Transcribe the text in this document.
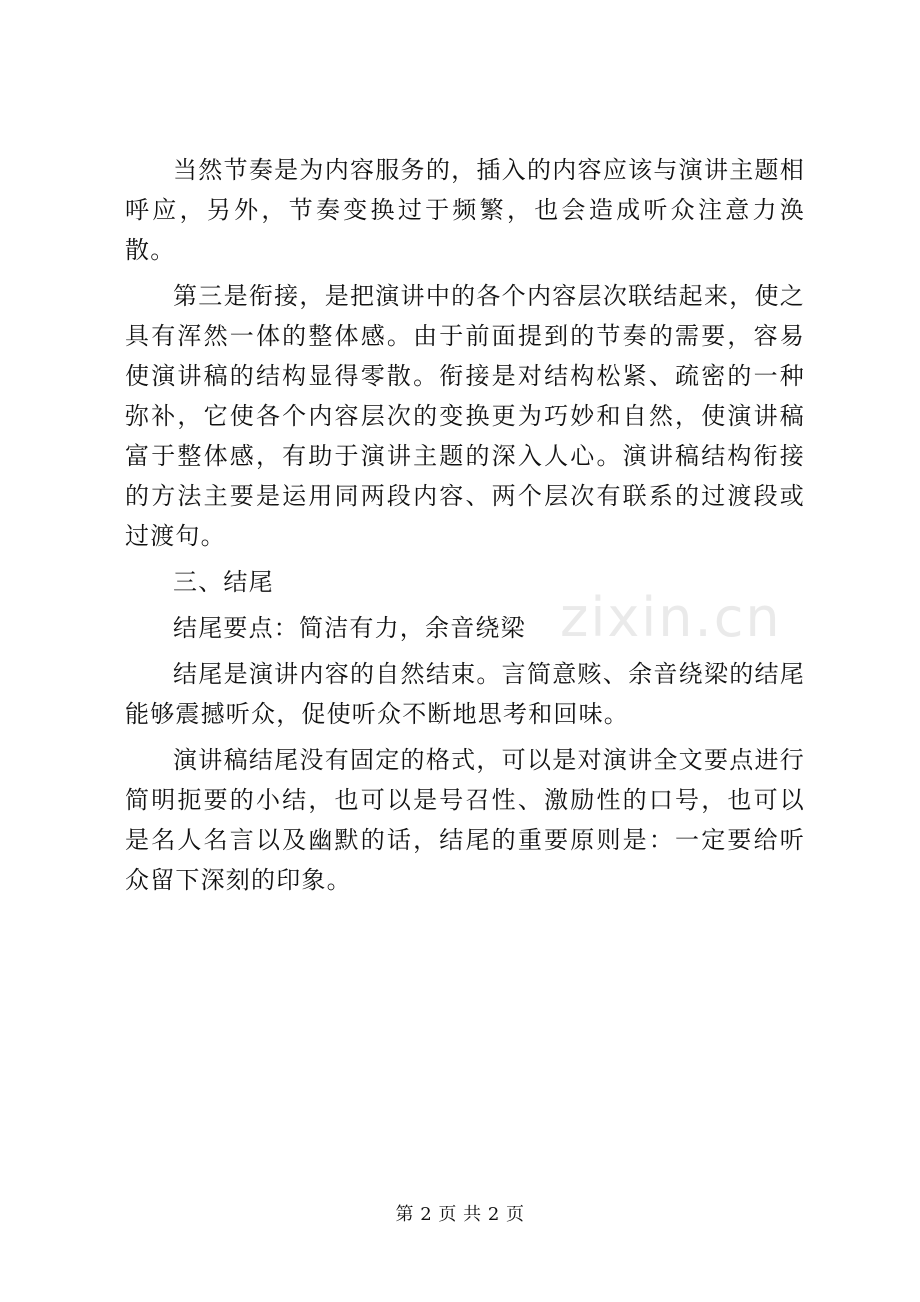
当然节奏是为内容服务的，插入的内容应该与演讲主题相呼应，另外，节奏变换过于频繁，也会造成听众注意力涣散。

第三是衔接，是把演讲中的各个内容层次联结起来，使之具有浑然一体的整体感。由于前面提到的节奏的需要，容易使演讲稿的结构显得零散。衔接是对结构松紧、疏密的一种弥补，它使各个内容层次的变换更为巧妙和自然，使演讲稿富于整体感，有助于演讲主题的深入人心。演讲稿结构衔接的方法主要是运用同两段内容、两个层次有联系的过渡段或过渡句。

三、结尾

结尾要点：简洁有力，余音绕梁

结尾是演讲内容的自然结束。言简意赅、余音绕梁的结尾能够震撼听众，促使听众不断地思考和回味。

演讲稿结尾没有固定的格式，可以是对演讲全文要点进行简明扼要的小结，也可以是号召性、激励性的口号，也可以是名人名言以及幽默的话，结尾的重要原则是：一定要给听众留下深刻的印象。

zixin.cn
第 2 页 共 2 页
